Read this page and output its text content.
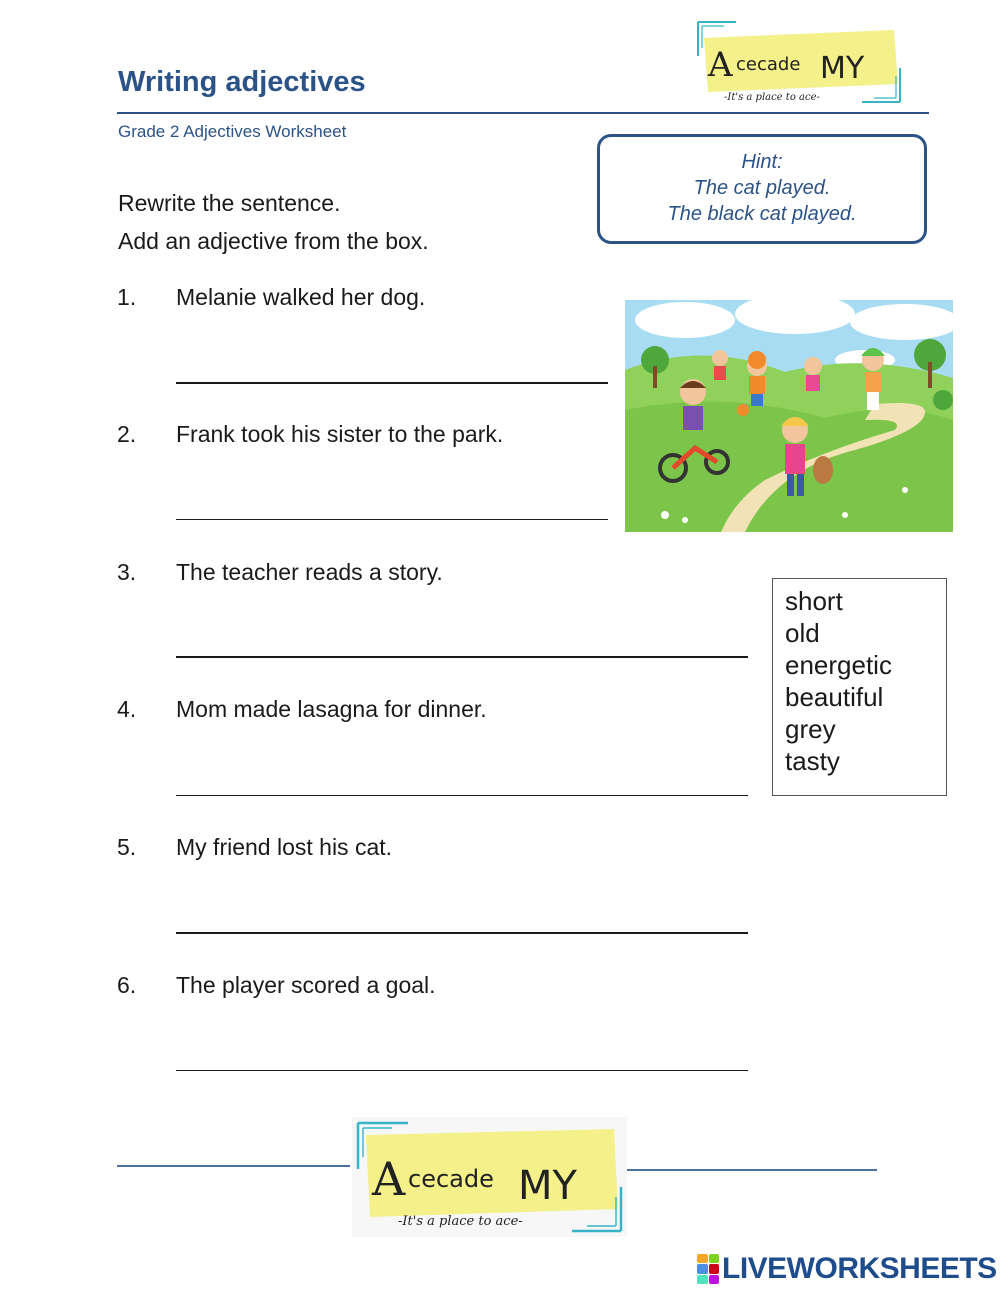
Writing adjectives
Grade 2 Adjectives Worksheet
A cecade MY
-It's a place to ace-
Hint:
The cat played.
The black cat played.
Rewrite the sentence.
Add an adjective from the box.
1. Melanie walked her dog.
2. Frank took his sister to the park.
3. The teacher reads a story.
4. Mom made lasagna for dinner.
5. My friend lost his cat.
6. The player scored a goal.
short
old
energetic
beautiful
grey
tasty
A cecade MY
-It's a place to ace-
LIVEWORKSHEETS
